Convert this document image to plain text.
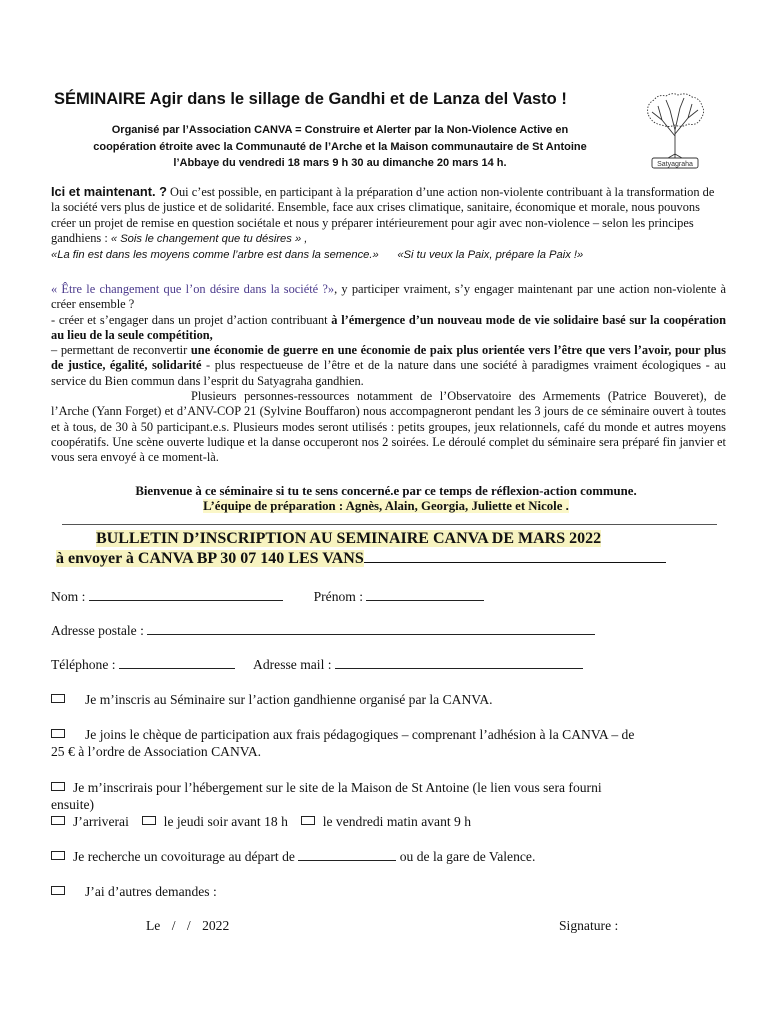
SÉMINAIRE Agir dans le sillage de Gandhi et de Lanza del Vasto !
Organisé par l’Association CANVA = Construire et Alerter par la Non-Violence Active en
coopération étroite avec la Communauté de l’Arche et la Maison communautaire de St Antoine
l’Abbaye du vendredi 18 mars 9 h 30 au dimanche 20 mars 14 h.	Satyagraha
Ici et maintenant. ? Oui c’est possible, en participant à la préparation d’une action non-violente contribuant à la transformation de la société vers plus de justice et de solidarité. Ensemble, face aux crises climatique, sanitaire, économique et morale, nous pouvons créer un projet de remise en question sociétale et nous y préparer intérieurement pour agir avec non-violence – selon les principes gandhiens : « Sois le changement que tu désires » ,
«La fin est dans les moyens comme l’arbre est dans la semence.» «Si tu veux la Paix, prépare la Paix !»
« Être le changement que l’on désire dans la société ?», y participer vraiment, s’y engager maintenant par une action non-violente à créer ensemble ?
- créer et s’engager dans un projet d’action contribuant à l’émergence d’un nouveau mode de vie solidaire basé sur la coopération au lieu de la seule compétition,
– permettant de reconvertir une économie de guerre en une économie de paix plus orientée vers l’être que vers l’avoir, pour plus de justice, égalité, solidarité - plus respectueuse de l’être et de la nature dans une société à paradigmes vraiment écologiques - au service du Bien commun dans l’esprit du Satyagraha gandhien.
Plusieurs personnes-ressources notamment de l’Observatoire des Armements (Patrice Bouveret), de l’Arche (Yann Forget) et d’ANV-COP 21 (Sylvine Bouffaron) nous accompagneront pendant les 3 jours de ce séminaire ouvert à toutes et à tous, de 30 à 50 participant.e.s. Plusieurs modes seront utilisés : petits groupes, jeux relationnels, café du monde et autres moyens coopératifs. Une scène ouverte ludique et la danse occuperont nos 2 soirées. Le déroulé complet du séminaire sera préparé fin janvier et vous sera envoyé à ce moment-là.
Bienvenue à ce séminaire si tu te sens concerné.e par ce temps de réflexion-action commune.
L’équipe de préparation : Agnès, Alain, Georgia, Juliette et Nicole .
BULLETIN D’INSCRIPTION AU SEMINAIRE CANVA DE MARS 2022
à envoyer à CANVA BP 30 07 140 LES VANS
Nom :	Prénom :
Adresse postale :
Téléphone :	Adresse mail :
Je m’inscris au Séminaire sur l’action gandhienne organisé par la CANVA.
Je joins le chèque de participation aux frais pédagogiques – comprenant l’adhésion à la CANVA – de
25 € à l’ordre de Association CANVA.
Je m’inscrirais pour l’hébergement sur le site de la Maison de St Antoine (le lien vous sera fourni
ensuite)
J’arriverai	le jeudi soir avant 18 h	le vendredi matin avant 9 h
Je recherche un covoiturage au départ de	ou de la gare de Valence.
J’ai d’autres demandes :
Le / / 2022	Signature :
